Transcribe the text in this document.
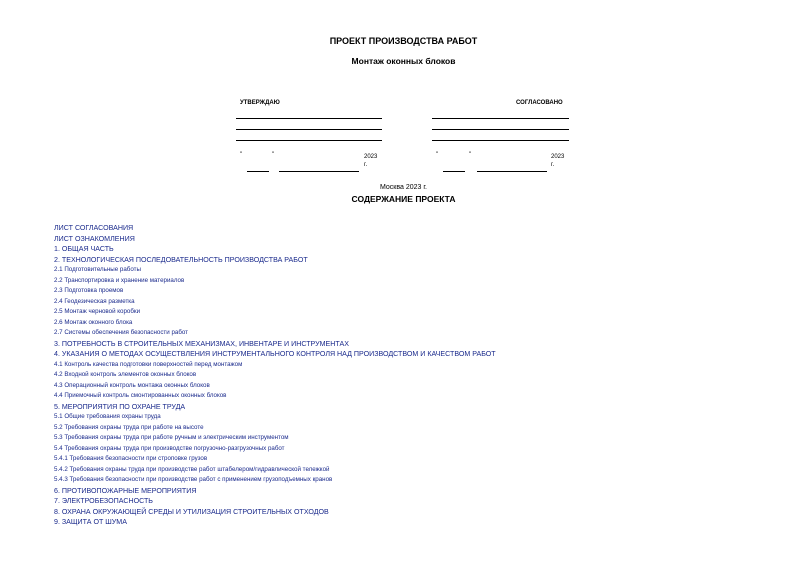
ПРОЕКТ ПРОИЗВОДСТВА РАБОТ
Монтаж оконных блоков
УТВЕРЖДАЮ
"	"	2023
г.
СОГЛАСОВАНО
"	"	2023
г.
Москва 2023 г.
СОДЕРЖАНИЕ ПРОЕКТА
ЛИСТ СОГЛАСОВАНИЯ
ЛИСТ ОЗНАКОМЛЕНИЯ
1. ОБЩАЯ ЧАСТЬ
2. ТЕХНОЛОГИЧЕСКАЯ ПОСЛЕДОВАТЕЛЬНОСТЬ ПРОИЗВОДСТВА РАБОТ
2.1 Подготовительные работы
2.2 Транспортировка и хранение материалов
2.3 Подготовка проемов
2.4 Геодезическая разметка
2.5 Монтаж черновой коробки
2.6 Монтаж оконного блока
2.7 Системы обеспечения безопасности работ
3. ПОТРЕБНОСТЬ В СТРОИТЕЛЬНЫХ МЕХАНИЗМАХ, ИНВЕНТАРЕ И ИНСТРУМЕНТАХ
4. УКАЗАНИЯ О МЕТОДАХ ОСУЩЕСТВЛЕНИЯ ИНСТРУМЕНТАЛЬНОГО КОНТРОЛЯ НАД ПРОИЗВОДСТВОМ И КАЧЕСТВОМ РАБОТ
4.1 Контроль качества подготовки поверхностей перед монтажом
4.2 Входной контроль элементов оконных блоков
4.3 Операционный контроль монтажа оконных блоков
4.4 Приемочный контроль смонтированных оконных блоков
5. МЕРОПРИЯТИЯ ПО ОХРАНЕ ТРУДА
5.1 Общие требования охраны труда
5.2 Требования охраны труда при работе на высоте
5.3 Требования охраны труда при работе ручным и электрическим инструментом
5.4 Требования охраны труда при производстве погрузочно-разгрузочных работ
5.4.1 Требования безопасности при строповке грузов
5.4.2 Требования охраны труда при производстве работ штабелером/гидравлической тележкой
5.4.3 Требования безопасности при производстве работ с применением грузоподъемных кранов
6. ПРОТИВОПОЖАРНЫЕ МЕРОПРИЯТИЯ
7. ЭЛЕКТРОБЕЗОПАСНОСТЬ
8. ОХРАНА ОКРУЖАЮЩЕЙ СРЕДЫ И УТИЛИЗАЦИЯ СТРОИТЕЛЬНЫХ ОТХОДОВ
9. ЗАЩИТА ОТ ШУМА
